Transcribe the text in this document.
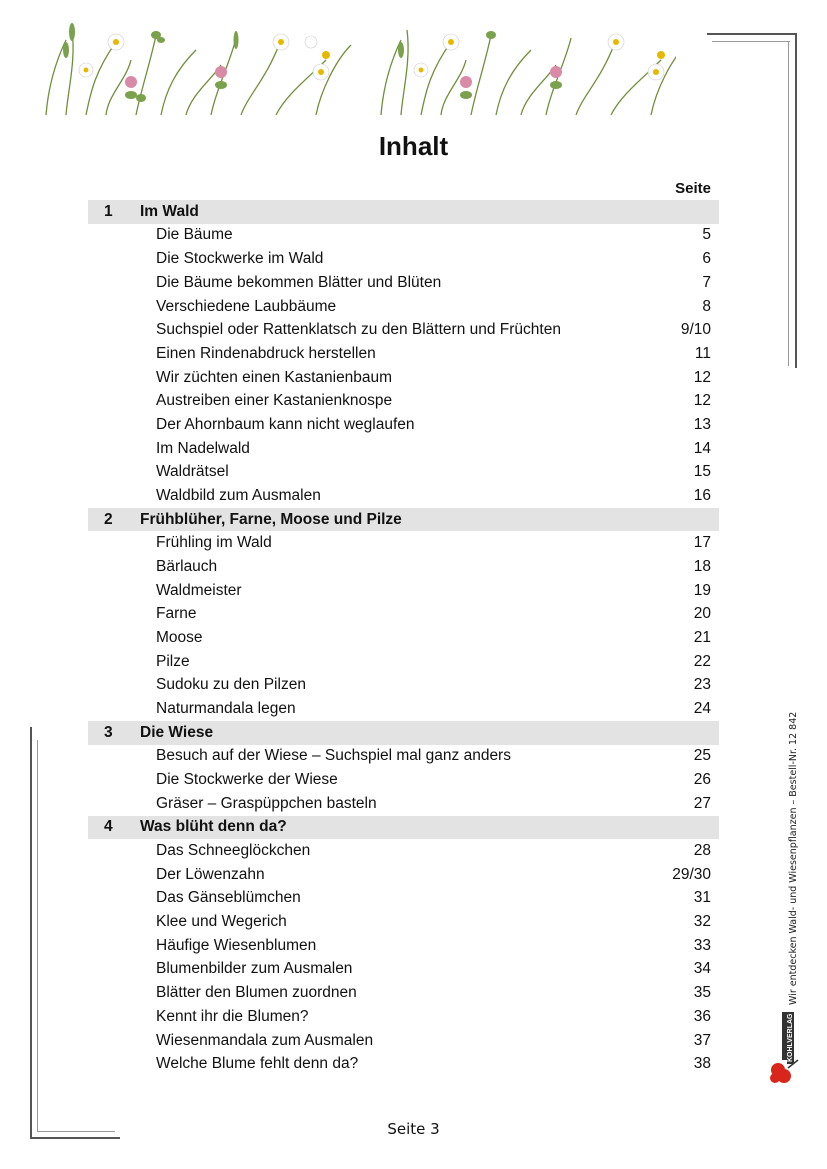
Inhalt
Seite
1 Im Wald
Die Bäume	5
Die Stockwerke im Wald	6
Die Bäume bekommen Blätter und Blüten	7
Verschiedene Laubbäume	8
Suchspiel oder Rattenklatsch zu den Blättern und Früchten	9/10
Einen Rindenabdruck herstellen	11
Wir züchten einen Kastanienbaum	12
Austreiben einer Kastanienknospe	12
Der Ahornbaum kann nicht weglaufen	13
Im Nadelwald	14
Waldrätsel	15
Waldbild zum Ausmalen	16
2 Frühblüher, Farne, Moose und Pilze
Frühling im Wald	17
Bärlauch	18
Waldmeister	19
Farne	20
Moose	21
Pilze	22
Sudoku zu den Pilzen	23
Naturmandala legen	24
3 Die Wiese
Besuch auf der Wiese – Suchspiel mal ganz anders	25
Die Stockwerke der Wiese	26
Gräser – Graspüppchen basteln	27
4 Was blüht denn da?
Das Schneeglöckchen	28
Der Löwenzahn	29/30
Das Gänseblümchen	31
Klee und Wegerich	32
Häufige Wiesenblumen	33
Blumenbilder zum Ausmalen	34
Blätter den Blumen zuordnen	35
Kennt ihr die Blumen?	36
Wiesenmandala zum Ausmalen	37
Welche Blume fehlt denn da?	38
Wir entdecken Wald- und Wiesenpflanzen – Bestell-Nr. 12 842
KOHLVERLAG
Seite 3
